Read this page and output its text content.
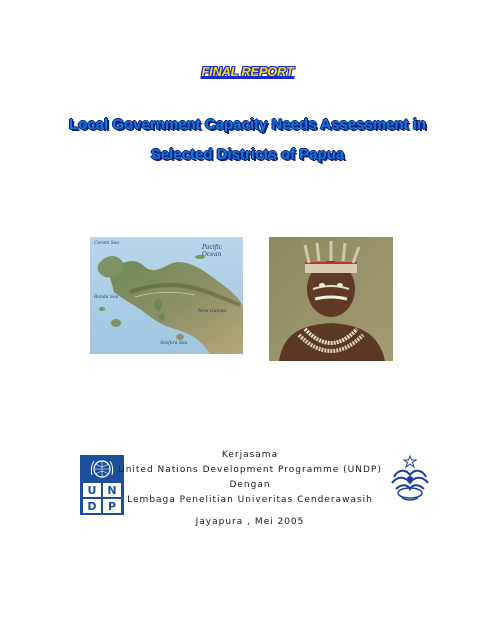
FINAL REPORT
Local Government Capacity Needs Assessment in
Selected Districts of Papua
Pacific Ocean
New Guinea
Arafura Sea
Banda Sea
Ceram Sea
U N
D P
Kerjasama
United Nations Development Programme (UNDP)
Dengan
Lembaga Penelitian Univeritas Cenderawasih
Jayapura , Mei 2005
